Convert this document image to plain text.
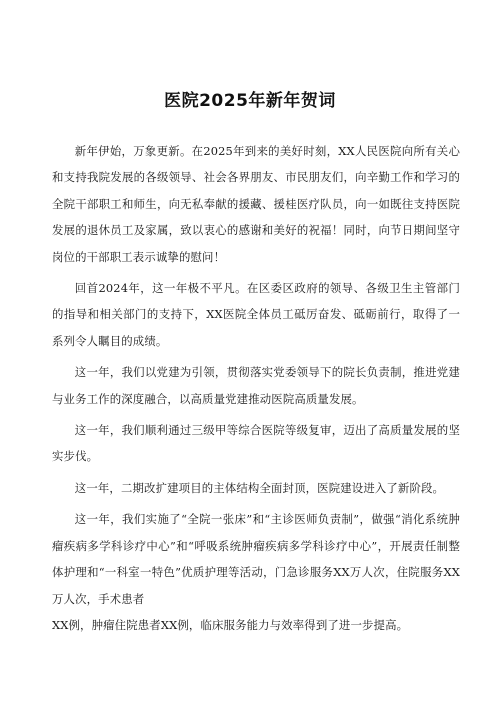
医院2025年新年贺词

新年伊始，万象更新。在2025年到来的美好时刻，XX人民医院向所有关心和支持我院发展的各级领导、社会各界朋友、市民朋友们，向辛勤工作和学习的全院干部职工和师生，向无私奉献的援藏、援桂医疗队员，向一如既往支持医院发展的退休员工及家属，致以衷心的感谢和美好的祝福！同时，向节日期间坚守岗位的干部职工表示诚挚的慰问！

回首2024年，这一年极不平凡。在区委区政府的领导、各级卫生主管部门的指导和相关部门的支持下，XX医院全体员工砥厉奋发、砥砺前行，取得了一系列令人瞩目的成绩。

这一年，我们以党建为引领，贯彻落实党委领导下的院长负责制，推进党建与业务工作的深度融合，以高质量党建推动医院高质量发展。

这一年，我们顺利通过三级甲等综合医院等级复审，迈出了高质量发展的坚实步伐。

这一年，二期改扩建项目的主体结构全面封顶，医院建设进入了新阶段。

这一年，我们实施了“全院一张床”和“主诊医师负责制”，做强“消化系统肿瘤疾病多学科诊疗中心”和“呼吸系统肿瘤疾病多学科诊疗中心”，开展责任制整体护理和“一科室一特色”优质护理等活动，门急诊服务XX万人次，住院服务XX万人次，手术患者

XX例，肿瘤住院患者XX例，临床服务能力与效率得到了进一步提高。
